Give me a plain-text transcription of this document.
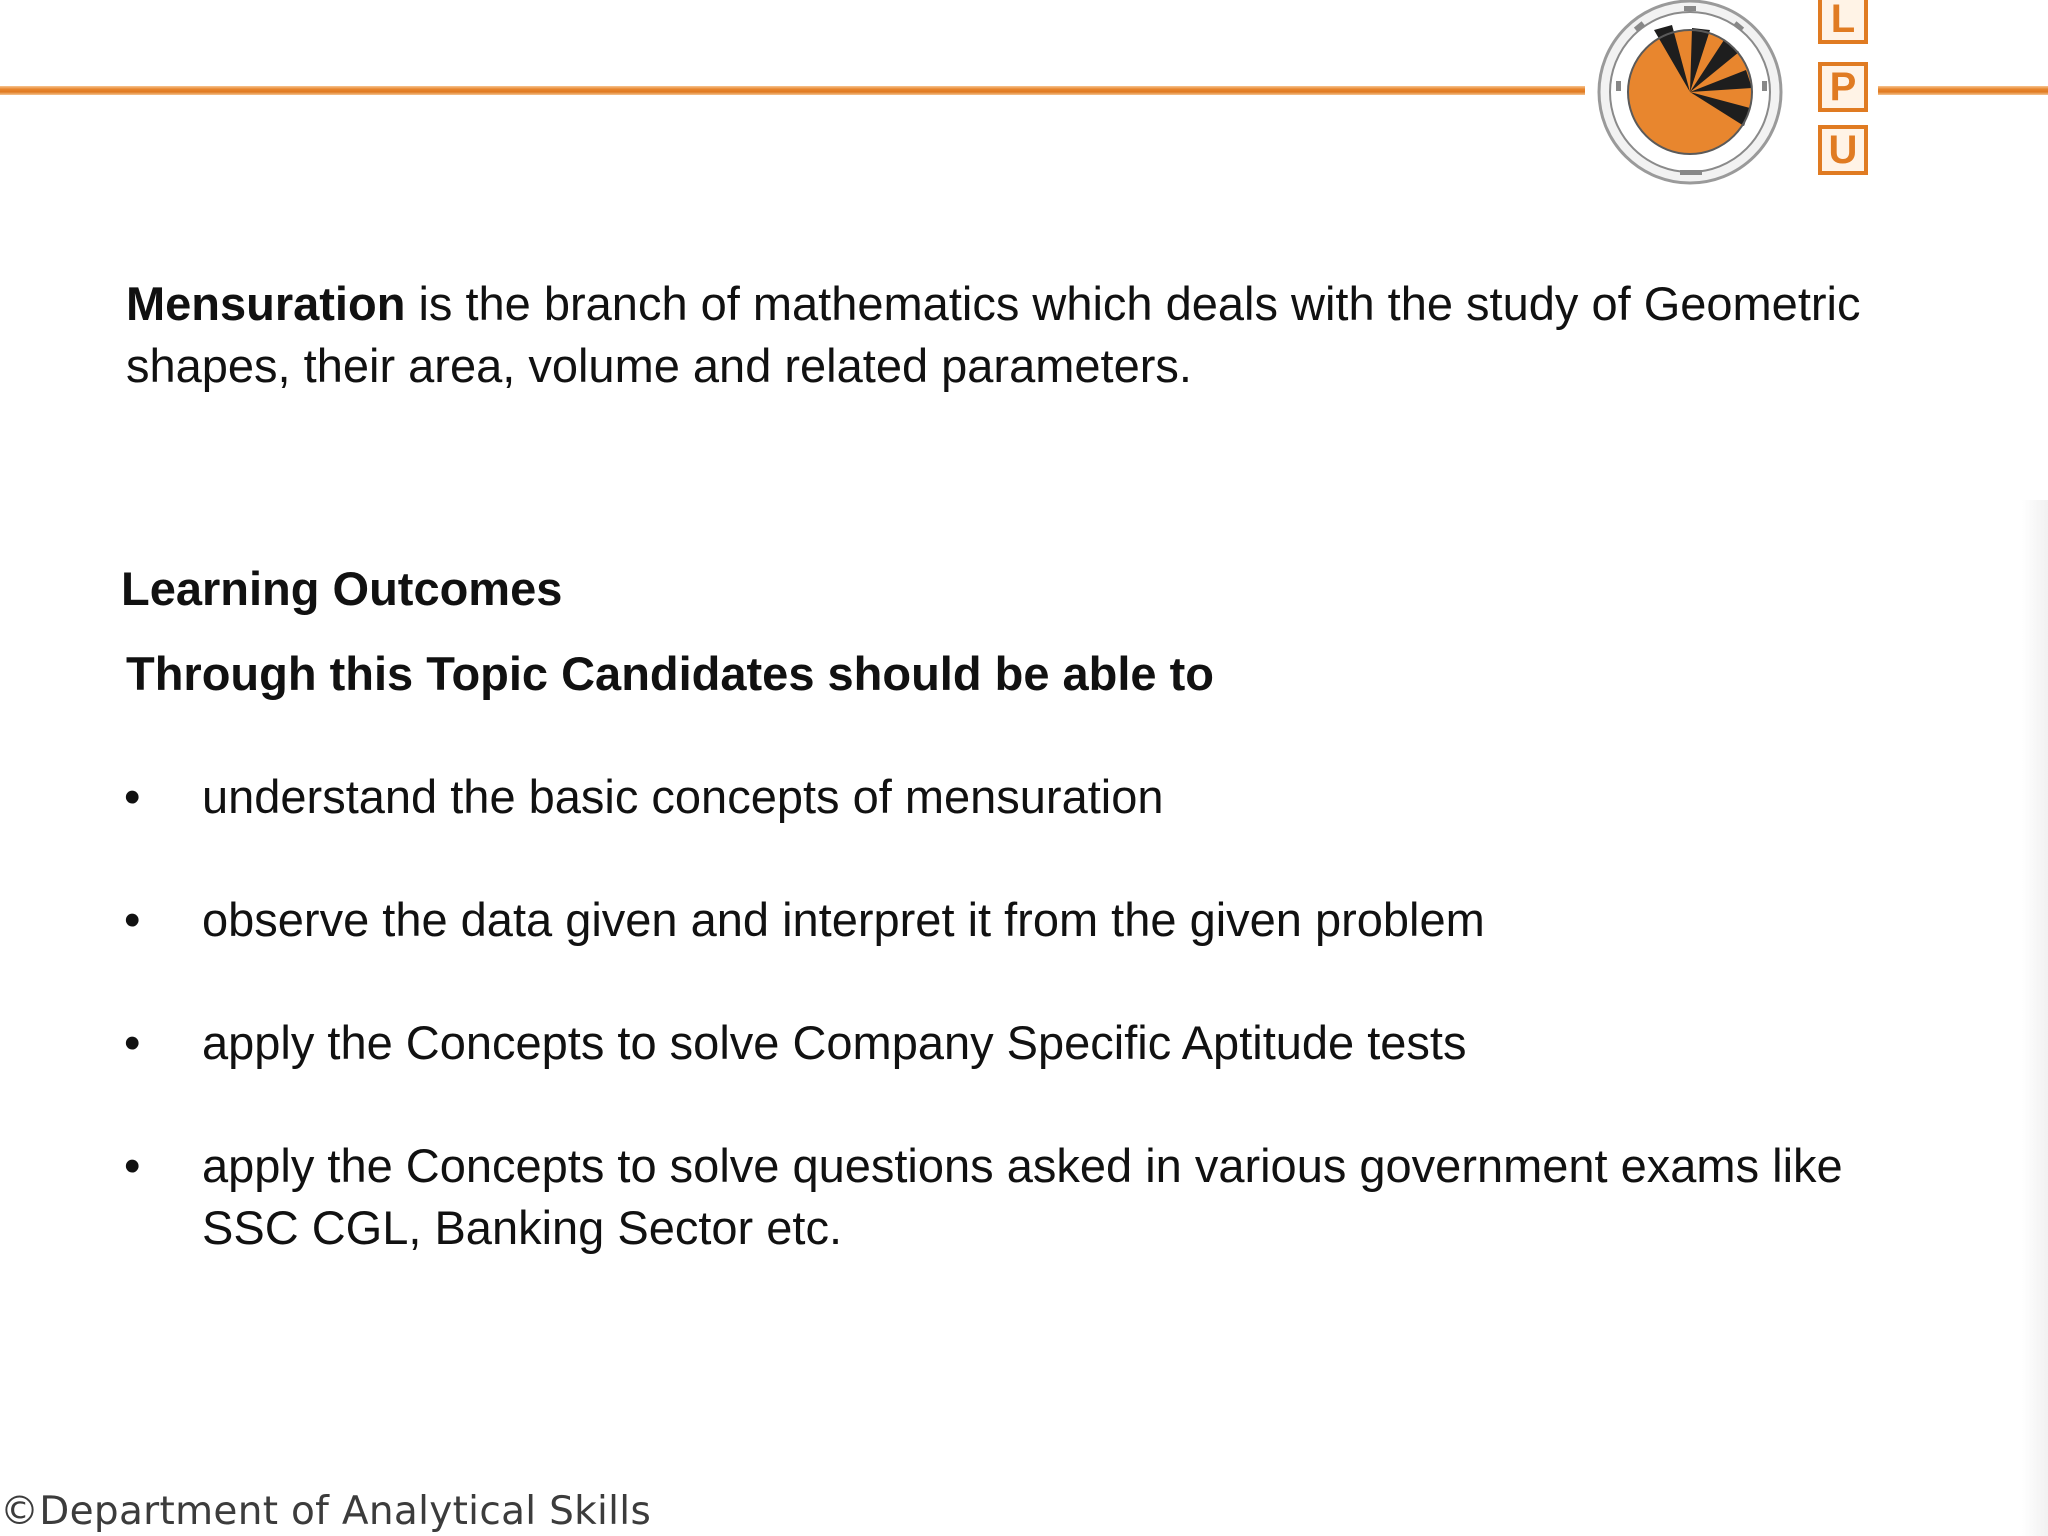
L
P
U
Mensuration is the branch of mathematics which deals with the study of Geometric shapes, their area, volume and related parameters.
Learning Outcomes
Through this Topic Candidates should be able to
•	understand the basic concepts of mensuration
•	observe the data given and interpret it from the given problem
•	apply the Concepts to solve Company Specific Aptitude tests
•	apply the Concepts to solve questions asked in various government exams like SSC CGL, Banking Sector etc.
©Department of Analytical Skills
